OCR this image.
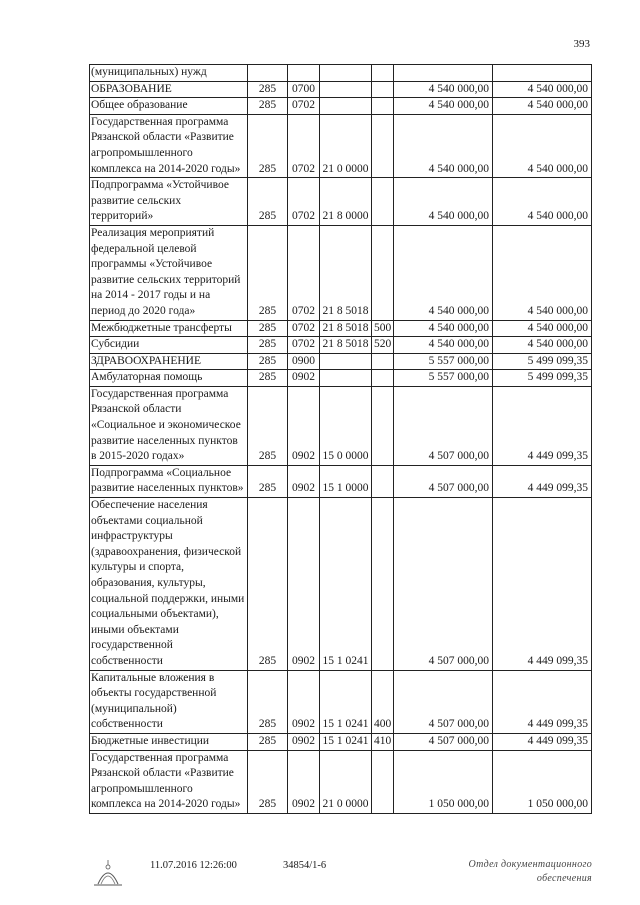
393
(муниципальных) нужд						
ОБРАЗОВАНИЕ	285	0700			4 540 000,00	4 540 000,00
Общее образование	285	0702			4 540 000,00	4 540 000,00
Государственная программа Рязанской области «Развитие агропромышленного комплекса на 2014-2020 годы»	285	0702	21 0 0000		4 540 000,00	4 540 000,00
Подпрограмма «Устойчивое развитие сельских территорий»	285	0702	21 8 0000		4 540 000,00	4 540 000,00
Реализация мероприятий федеральной целевой программы «Устойчивое развитие сельских территорий на 2014 - 2017 годы и на период до 2020 года»	285	0702	21 8 5018		4 540 000,00	4 540 000,00
Межбюджетные трансферты	285	0702	21 8 5018	500	4 540 000,00	4 540 000,00
Субсидии	285	0702	21 8 5018	520	4 540 000,00	4 540 000,00
ЗДРАВООХРАНЕНИЕ	285	0900			5 557 000,00	5 499 099,35
Амбулаторная помощь	285	0902			5 557 000,00	5 499 099,35
Государственная программа Рязанской области «Социальное и экономическое развитие населенных пунктов в 2015-2020 годах»	285	0902	15 0 0000		4 507 000,00	4 449 099,35
Подпрограмма «Социальное развитие населенных пунктов»	285	0902	15 1 0000		4 507 000,00	4 449 099,35
Обеспечение населения объектами социальной инфраструктуры (здравоохранения, физической культуры и спорта, образования, культуры, социальной поддержки, иными социальными объектами), иными объектами государственной собственности	285	0902	15 1 0241		4 507 000,00	4 449 099,35
Капитальные вложения в объекты государственной (муниципальной) собственности	285	0902	15 1 0241	400	4 507 000,00	4 449 099,35
Бюджетные инвестиции	285	0902	15 1 0241	410	4 507 000,00	4 449 099,35
Государственная программа Рязанской области «Развитие агропромышленного комплекса на 2014-2020 годы»	285	0902	21 0 0000		1 050 000,00	1 050 000,00
11.07.2016 12:26:00	34854/1-6	Отдел документационного
обеспечения
